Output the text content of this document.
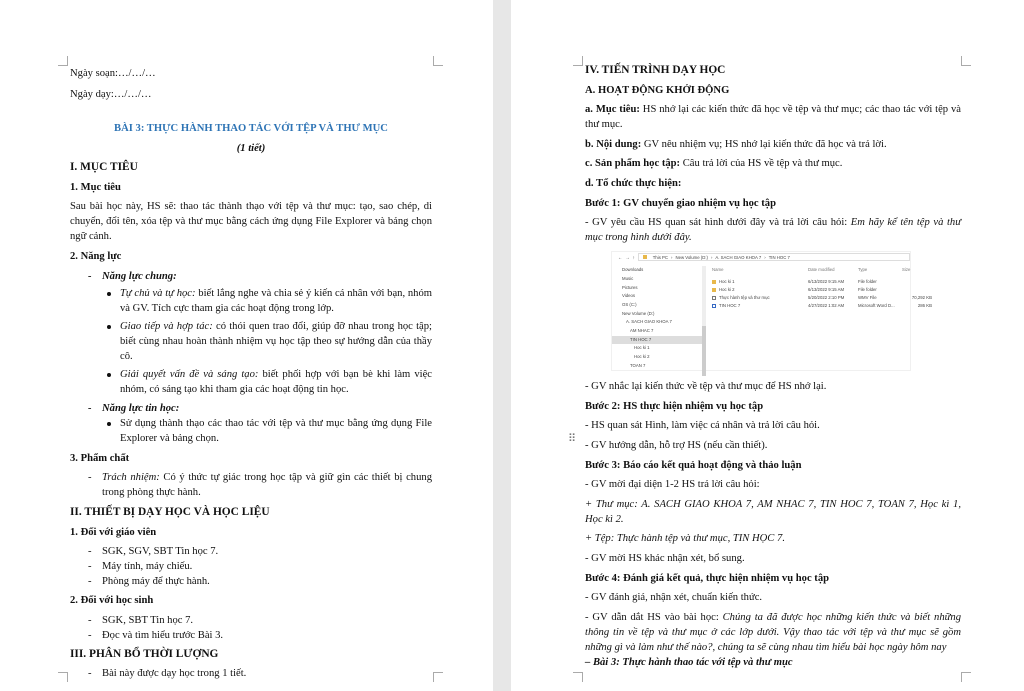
Ngày soạn:…/…/…

Ngày dạy:…/…/…

BÀI 3: THỰC HÀNH THAO TÁC VỚI TỆP VÀ THƯ MỤC

(1 tiết)

I. MỤC TIÊU

1. Mục tiêu

Sau bài học này, HS sẽ: thao tác thành thạo với tệp và thư mục: tạo, sao chép, di chuyển, đổi tên, xóa tệp và thư mục bằng cách ứng dụng File Explorer và bảng chọn ngữ cảnh.

2. Năng lực

- Năng lực chung:
Tự chủ và tự học: biết lắng nghe và chia sẻ ý kiến cá nhân với bạn, nhóm và GV. Tích cực tham gia các hoạt động trong lớp.
Giao tiếp và hợp tác: có thói quen trao đổi, giúp đỡ nhau trong học tập; biết cùng nhau hoàn thành nhiệm vụ học tập theo sự hướng dẫn của thầy cô.
Giải quyết vấn đề và sáng tạo: biết phối hợp với bạn bè khi làm việc nhóm, có sáng tạo khi tham gia các hoạt động tin học.
- Năng lực tin học:
Sử dụng thành thạo các thao tác với tệp và thư mục bằng ứng dụng File Explorer và bảng chọn.

3. Phẩm chất

- Trách nhiệm: Có ý thức tự giác trong học tập và giữ gìn các thiết bị chung trong phòng thực hành.

II. THIẾT BỊ DẠY HỌC VÀ HỌC LIỆU

1. Đối với giáo viên

- SGK, SGV, SBT Tin học 7.
- Máy tính, máy chiếu.
- Phòng máy để thực hành.

2. Đối với học sinh

- SGK, SBT Tin học 7.
- Đọc và tìm hiểu trước Bài 3.

III. PHÂN BỔ THỜI LƯỢNG

- Bài này được dạy học trong 1 tiết.

IV. TIẾN TRÌNH DẠY HỌC

A. HOẠT ĐỘNG KHỞI ĐỘNG

a. Mục tiêu: HS nhớ lại các kiến thức đã học về tệp và thư mục; các thao tác với tệp và thư mục.

b. Nội dung: GV nêu nhiệm vụ; HS nhớ lại kiến thức đã học và trả lời.

c. Sản phẩm học tập: Câu trả lời của HS về tệp và thư mục.

d. Tổ chức thực hiện:

Bước 1: GV chuyển giao nhiệm vụ học tập

- GV yêu cầu HS quan sát hình dưới đây và trả lời câu hỏi: Em hãy kể tên tệp và thư mục trong hình dưới đây.

← → ↑	This PC › New Volume (D:) › A. SACH GIAO KHOA 7 › TIN HOC 7
Downloads
Music
Pictures
Videos
OS (C:)
New Volume (D:)
A. SACH GIAO KHOA 7
AM NHAC 7
TIN HOC 7
Hoc ki 1
Hoc ki 2
TOAN 7
Name	Date modified	Type	Size
Hoc ki 1	6/13/2022 9:15 AM	File folder
Hoc ki 2	6/13/2022 9:15 AM	File folder
Thực hành tệp và thư mục	5/20/2022 2:10 PM	WMV File	70,292 KB
TIN HOC 7	4/27/2022 1:02 AM	Microsoft Word D...	286 KB

- GV nhắc lại kiến thức về tệp và thư mục để HS nhớ lại.

Bước 2: HS thực hiện nhiệm vụ học tập

- HS quan sát Hình, làm việc cá nhân và trả lời câu hỏi.

- GV hướng dẫn, hỗ trợ HS (nếu cần thiết).

Bước 3: Báo cáo kết quả hoạt động và thảo luận

- GV mời đại diện 1-2 HS trả lời câu hỏi:

+ Thư mục: A. SACH GIAO KHOA 7, AM NHAC 7, TIN HOC 7, TOAN 7, Học kì 1, Học kì 2.

+ Tệp: Thực hành tệp và thư mục, TIN HỌC 7.

- GV mời HS khác nhận xét, bổ sung.

Bước 4: Đánh giá kết quả, thực hiện nhiệm vụ học tập

- GV đánh giá, nhận xét, chuẩn kiến thức.

- GV dẫn dắt HS vào bài học: Chúng ta đã được học những kiến thức và biết những thông tin về tệp và thư mục ở các lớp dưới. Vậy thao tác với tệp và thư mục sẽ gồm những gì và làm như thế nào?, chúng ta sẽ cùng nhau tìm hiểu bài học ngày hôm nay

– Bài 3: Thực hành thao tác với tệp và thư mục

⠿
